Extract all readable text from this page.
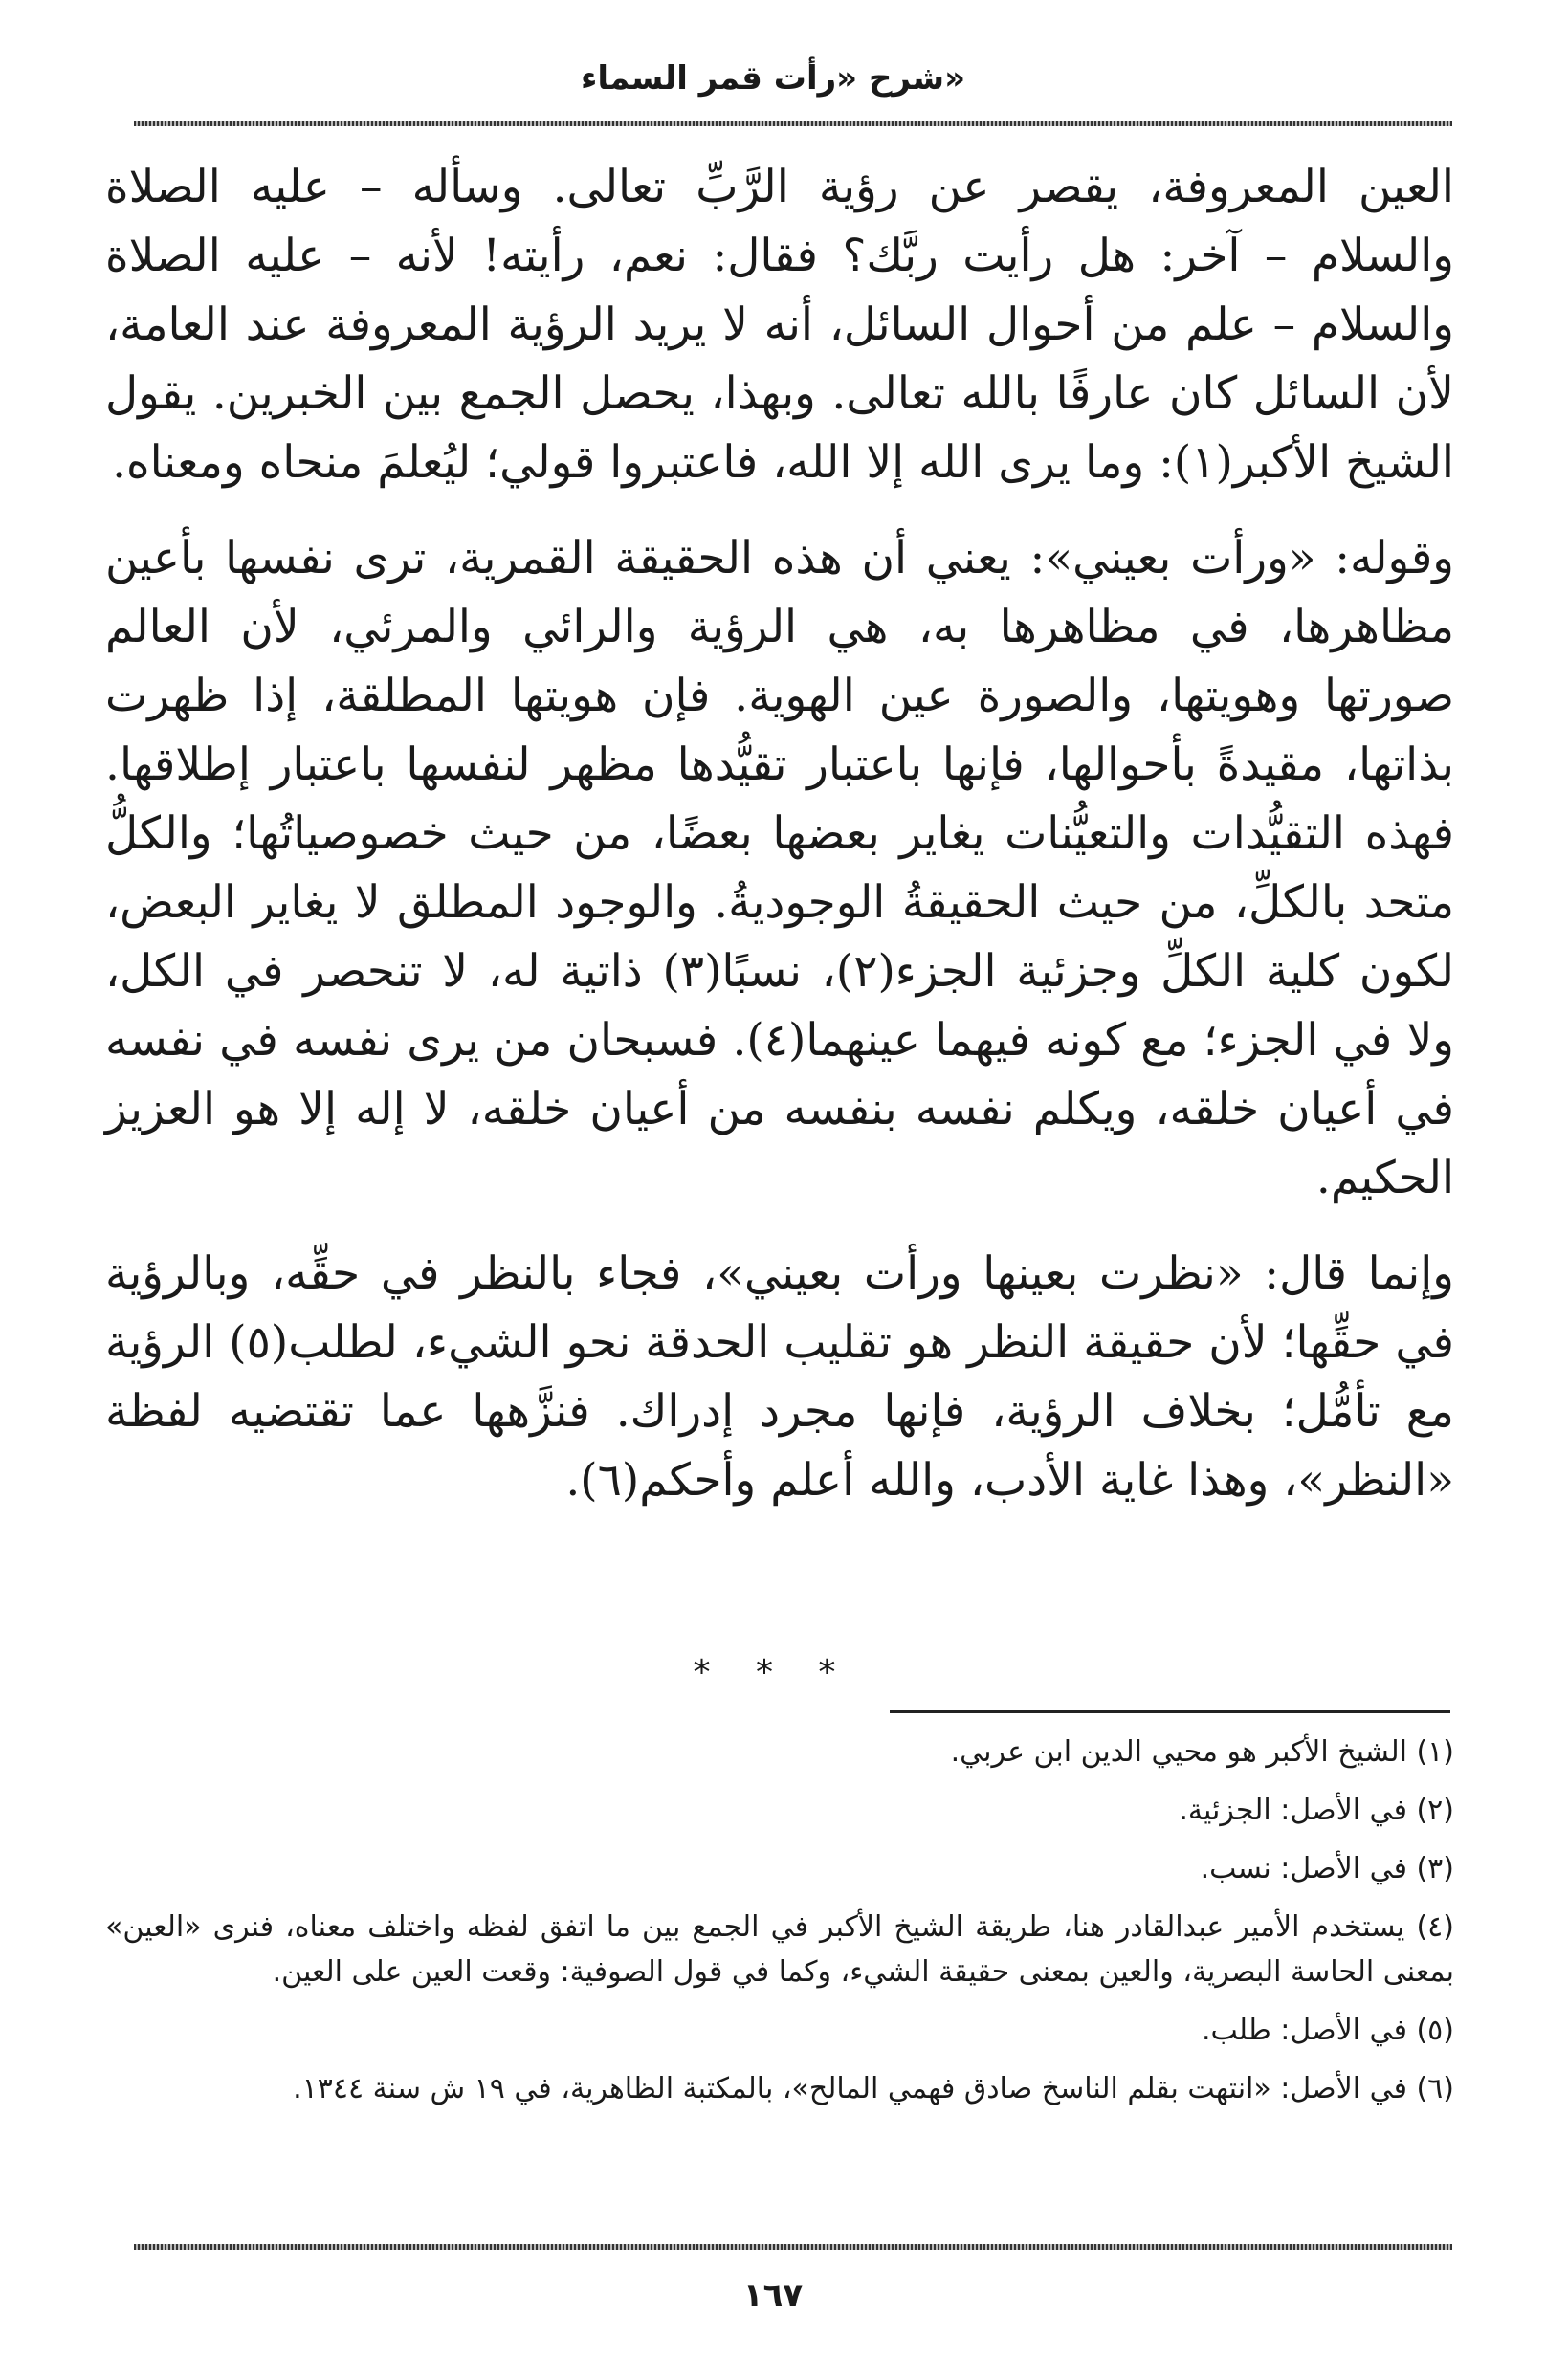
شرح «رأت قمر السماء»

العين المعروفة، يقصر عن رؤية الرَّبِّ تعالى. وسأله – عليه الصلاة والسلام – آخر: هل رأيت ربَّك؟ فقال: نعم، رأيته! لأنه – عليه الصلاة والسلام – علم من أحوال السائل، أنه لا يريد الرؤية المعروفة عند العامة، لأن السائل كان عارفًا بالله تعالى. وبهذا، يحصل الجمع بين الخبرين. يقول الشيخ الأكبر(١): وما يرى الله إلا الله، فاعتبروا قولي؛ ليُعلمَ منحاه ومعناه.

وقوله: «ورأت بعيني»: يعني أن هذه الحقيقة القمرية، ترى نفسها بأعين مظاهرها، في مظاهرها به، هي الرؤية والرائي والمرئي، لأن العالم صورتها وهويتها، والصورة عين الهوية. فإن هويتها المطلقة، إذا ظهرت بذاتها، مقيدةً بأحوالها، فإنها باعتبار تقيُّدها مظهر لنفسها باعتبار إطلاقها. فهذه التقيُّدات والتعيُّنات يغاير بعضها بعضًا، من حيث خصوصياتُها؛ والكلُّ متحد بالكلِّ، من حيث الحقيقةُ الوجوديةُ. والوجود المطلق لا يغاير البعض، لكون كلية الكلِّ وجزئية الجزء(٢)، نسبًا(٣) ذاتية له، لا تنحصر في الكل، ولا في الجزء؛ مع كونه فيهما عينهما(٤). فسبحان من يرى نفسه في نفسه في أعيان خلقه، ويكلم نفسه بنفسه من أعيان خلقه، لا إله إلا هو العزيز الحكيم.

وإنما قال: «نظرت بعينها ورأت بعيني»، فجاء بالنظر في حقِّه، وبالرؤية في حقِّها؛ لأن حقيقة النظر هو تقليب الحدقة نحو الشيء، لطلب(٥) الرؤية مع تأمُّل؛ بخلاف الرؤية، فإنها مجرد إدراك. فنزَّهها عما تقتضيه لفظة «النظر»، وهذا غاية الأدب، والله أعلم وأحكم(٦).

* * *
(١) الشيخ الأكبر هو محيي الدين ابن عربي.
(٢) في الأصل: الجزئية.
(٣) في الأصل: نسب.
(٤) يستخدم الأمير عبدالقادر هنا، طريقة الشيخ الأكبر في الجمع بين ما اتفق لفظه واختلف معناه، فنرى «العين» بمعنى الحاسة البصرية، والعين بمعنى حقيقة الشيء، وكما في قول الصوفية: وقعت العين على العين.
(٥) في الأصل: طلب.
(٦) في الأصل: «انتهت بقلم الناسخ صادق فهمي المالح»، بالمكتبة الظاهرية، في ١٩ ش سنة ١٣٤٤.
١٦٧
